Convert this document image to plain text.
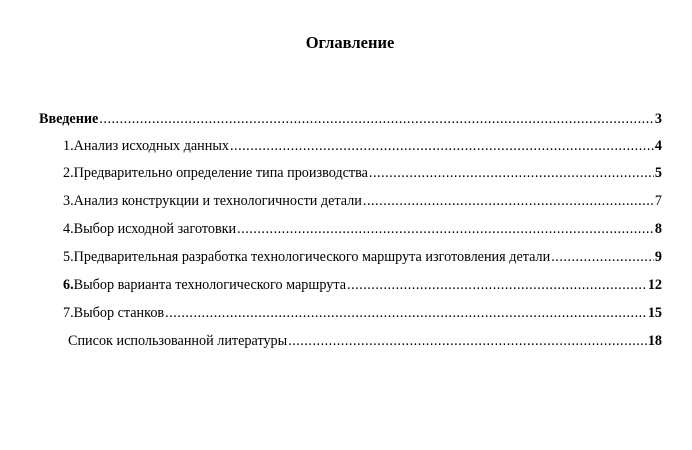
Оглавление
Введение .....	3
1. Анализ исходных данных .....	4
2. Предварительно определение типа производства .....	5
3. Анализ конструкции и технологичности детали .....	7
4. Выбор исходной заготовки .....	8
5. Предварительная разработка технологического маршрута изготовления детали .....	9
6. Выбор варианта технологического маршрута .....	12
7. Выбор станков .....	15
Список использованной литературы .....	18
